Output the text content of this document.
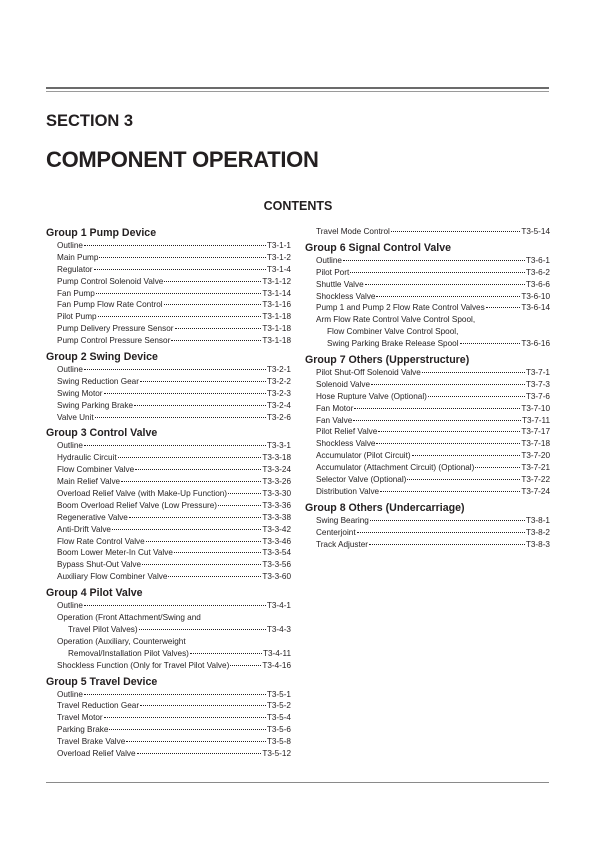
SECTION 3
COMPONENT OPERATION
CONTENTS
Group 1 Pump Device
Outline	T3-1-1
Main Pump	T3-1-2
Regulator	T3-1-4
Pump Control Solenoid Valve	T3-1-12
Fan Pump	T3-1-14
Fan Pump Flow Rate Control	T3-1-16
Pilot Pump	T3-1-18
Pump Delivery Pressure Sensor	T3-1-18
Pump Control Pressure Sensor	T3-1-18
Group 2 Swing Device
Outline	T3-2-1
Swing Reduction Gear	T3-2-2
Swing Motor	T3-2-3
Swing Parking Brake	T3-2-4
Valve Unit	T3-2-6
Group 3 Control Valve
Outline	T3-3-1
Hydraulic Circuit	T3-3-18
Flow Combiner Valve	T3-3-24
Main Relief Valve	T3-3-26
Overload Relief Valve (with Make-Up Function)	T3-3-30
Boom Overload Relief Valve (Low Pressure)	T3-3-36
Regenerative Valve	T3-3-38
Anti-Drift Valve	T3-3-42
Flow Rate Control Valve	T3-3-46
Boom Lower Meter-In Cut Valve	T3-3-54
Bypass Shut-Out Valve	T3-3-56
Auxiliary Flow Combiner Valve	T3-3-60
Group 4 Pilot Valve
Outline	T3-4-1
Operation (Front Attachment/Swing and
Travel Pilot Valves)	T3-4-3
Operation (Auxiliary, Counterweight
Removal/Installation Pilot Valves)	T3-4-11
Shockless Function (Only for Travel Pilot Valve)	T3-4-16
Group 5 Travel Device
Outline	T3-5-1
Travel Reduction Gear	T3-5-2
Travel Motor	T3-5-4
Parking Brake	T3-5-6
Travel Brake Valve	T3-5-8
Overload Relief Valve	T3-5-12
Travel Mode Control	T3-5-14
Group 6 Signal Control Valve
Outline	T3-6-1
Pilot Port	T3-6-2
Shuttle Valve	T3-6-6
Shockless Valve	T3-6-10
Pump 1 and Pump 2 Flow Rate Control Valves	T3-6-14
Arm Flow Rate Control Valve Control Spool,
Flow Combiner Valve Control Spool,
Swing Parking Brake Release Spool	T3-6-16
Group 7 Others (Upperstructure)
Pilot Shut-Off Solenoid Valve	T3-7-1
Solenoid Valve	T3-7-3
Hose Rupture Valve (Optional)	T3-7-6
Fan Motor	T3-7-10
Fan Valve	T3-7-11
Pilot Relief Valve	T3-7-17
Shockless Valve	T3-7-18
Accumulator (Pilot Circuit)	T3-7-20
Accumulator (Attachment Circuit) (Optional)	T3-7-21
Selector Valve (Optional)	T3-7-22
Distribution Valve	T3-7-24
Group 8 Others (Undercarriage)
Swing Bearing	T3-8-1
Centerjoint	T3-8-2
Track Adjuster	T3-8-3
